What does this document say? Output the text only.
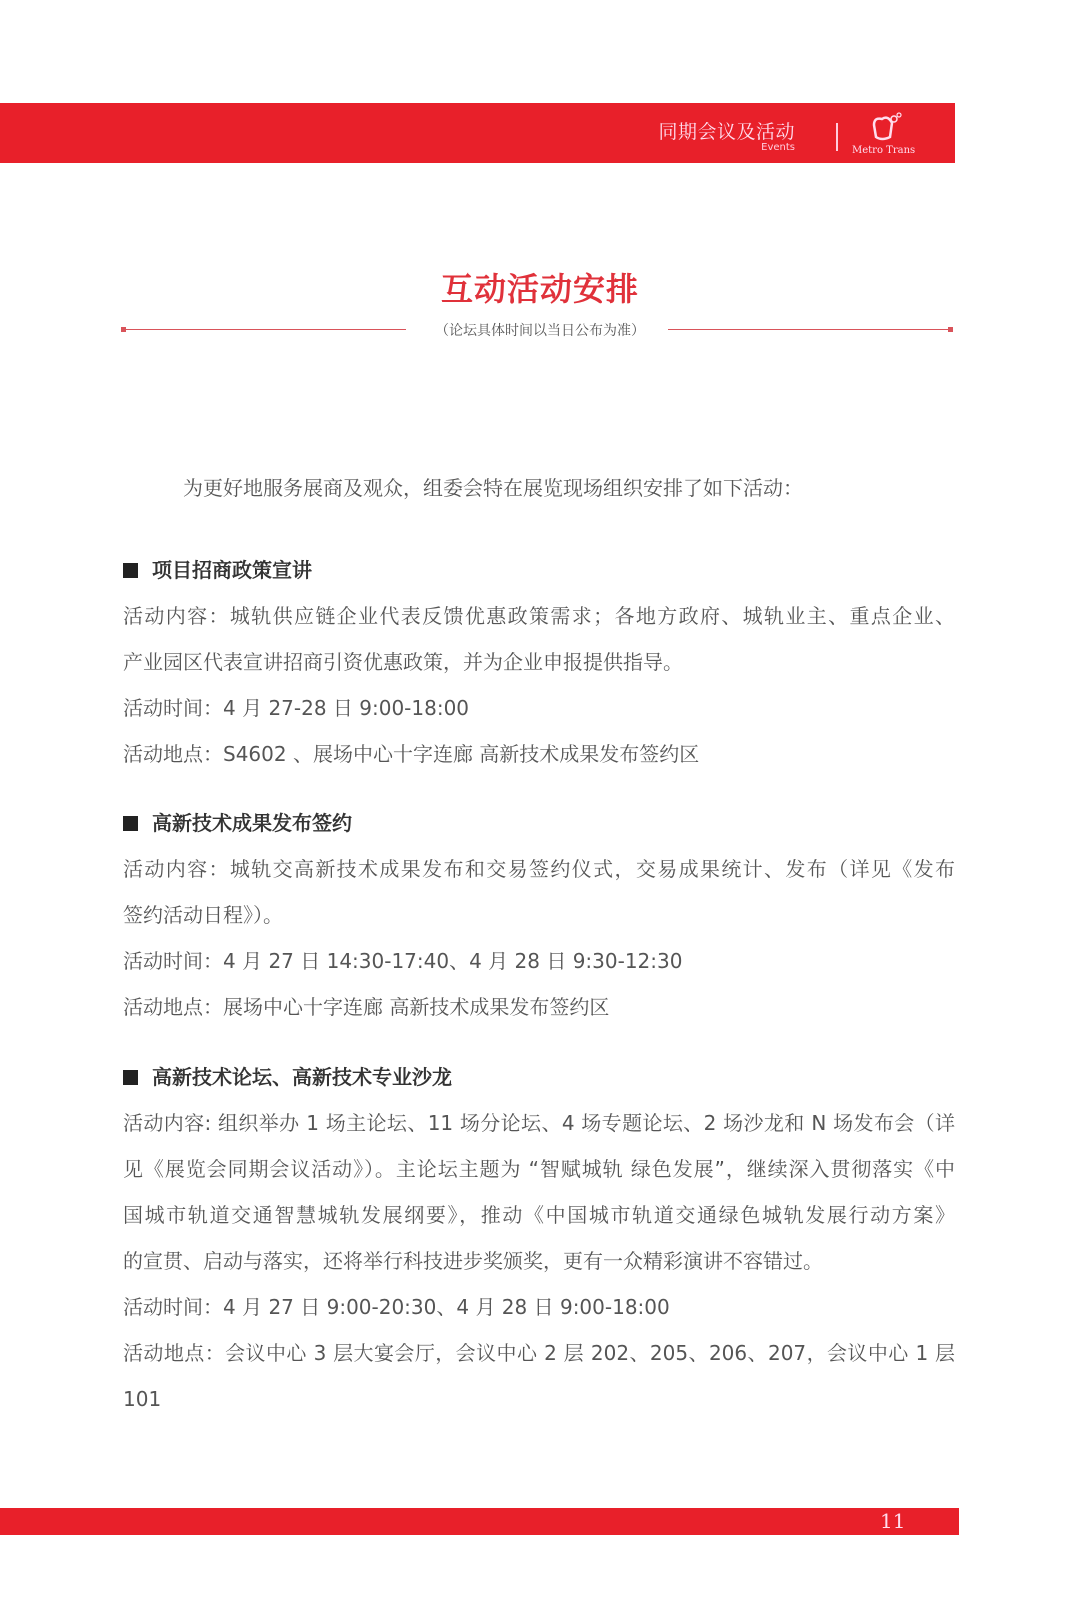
同期会议及活动
Events	Metro Trans
互动活动安排
（论坛具体时间以当日公布为准）
为更好地服务展商及观众，组委会特在展览现场组织安排了如下活动：
项目招商政策宣讲
活动内容：城轨供应链企业代表反馈优惠政策需求；各地方政府、城轨业主、重点企业、
产业园区代表宣讲招商引资优惠政策，并为企业申报提供指导。
活动时间：4 月 27-28 日 9:00-18:00
活动地点：S4602 、展场中心十字连廊 高新技术成果发布签约区
高新技术成果发布签约
活动内容：城轨交高新技术成果发布和交易签约仪式，交易成果统计、发布（详见《发布
签约活动日程》）。
活动时间：4 月 27 日 14:30-17:40、4 月 28 日 9:30-12:30
活动地点：展场中心十字连廊 高新技术成果发布签约区
高新技术论坛、高新技术专业沙龙
活动内容: 组织举办 1 场主论坛、11 场分论坛、4 场专题论坛、2 场沙龙和 N 场发布会（详
见《展览会同期会议活动》）。主论坛主题为 “智赋城轨 绿色发展”，继续深入贯彻落实《中
国城市轨道交通智慧城轨发展纲要》，推动《中国城市轨道交通绿色城轨发展行动方案》
的宣贯、启动与落实，还将举行科技进步奖颁奖，更有一众精彩演讲不容错过。
活动时间：4 月 27 日 9:00-20:30、4 月 28 日 9:00-18:00
活动地点：会议中心 3 层大宴会厅，会议中心 2 层 202、205、206、207，会议中心 1 层
101
11
